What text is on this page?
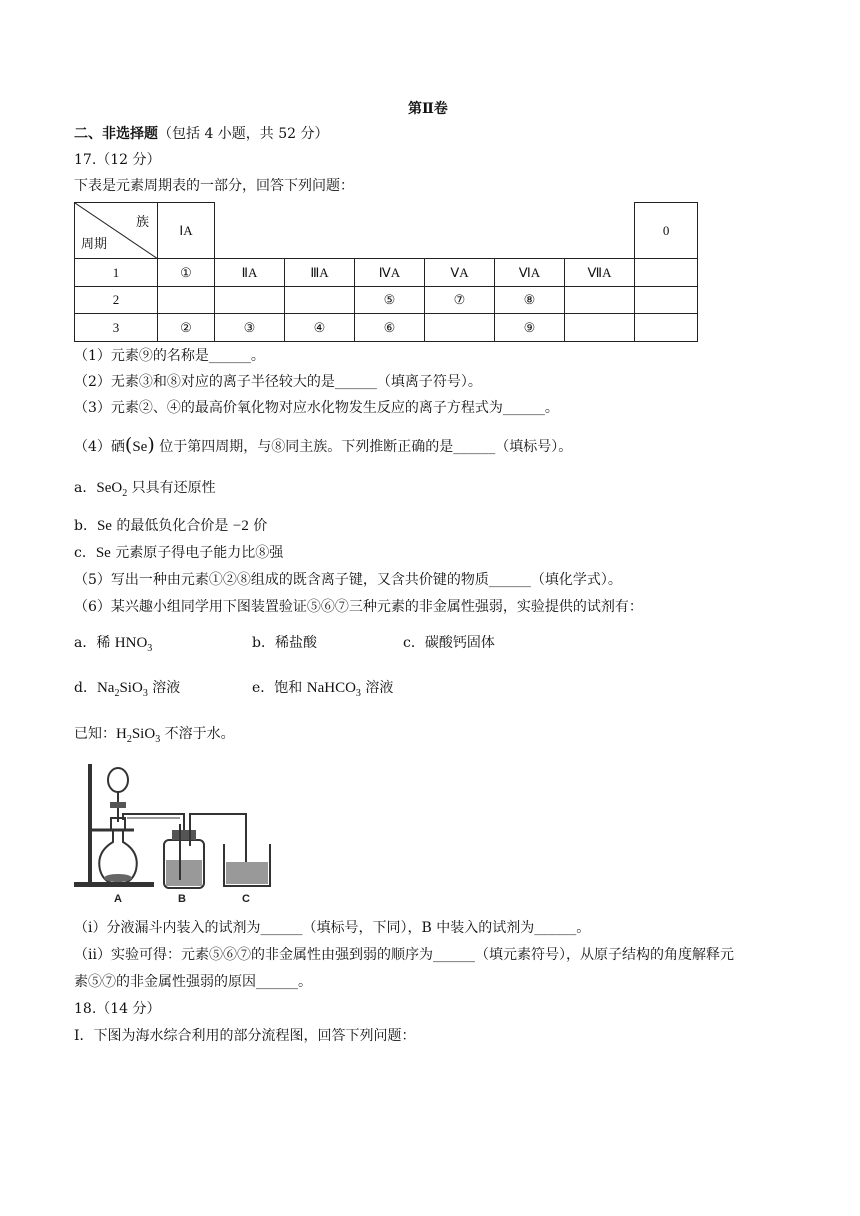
第Ⅱ卷
二、非选择题（包括 4 小题，共 52 分）
17.（12 分）
下表是元素周期表的一部分，回答下列问题：
族
周期	ⅠA							0
1	①	ⅡA	ⅢA	ⅣA	ⅤA	ⅥA	ⅦA	
2				⑤	⑦	⑧		
3	②	③	④	⑥		⑨		
（1）元素⑨的名称是______。
（2）无素③和⑧对应的离子半径较大的是______（填离子符号）。
（3）元素②、④的最高价氧化物对应水化物发生反应的离子方程式为______。
（4）硒(Se) 位于第四周期，与⑧同主族。下列推断正确的是______（填标号）。
a．SeO$_2$ 只具有还原性
b．Se 的最低负化合价是 −2 价
c．Se 元素原子得电子能力比⑧强
（5）写出一种由元素①②⑧组成的既含离子键，又含共价键的物质______（填化学式）。
（6）某兴趣小组同学用下图装置验证⑤⑥⑦三种元素的非金属性强弱，实验提供的试剂有：
a．稀 $HNO_3$	b．稀盐酸	c．碳酸钙固体
d．$Na_2SiO_3$ 溶液	e．饱和 NaHCO$_3$ 溶液
已知：$H_2SiO_3$ 不溶于水。
A	B	C
（ⅰ）分液漏斗内装入的试剂为______（填标号，下同），B 中装入的试剂为______。
（ⅱ）实验可得：元素⑤⑥⑦的非金属性由强到弱的顺序为______（填元素符号），从原子结构的角度解释元
素⑤⑦的非金属性强弱的原因______。
18.（14 分）
Ⅰ．下图为海水综合利用的部分流程图，回答下列问题：
